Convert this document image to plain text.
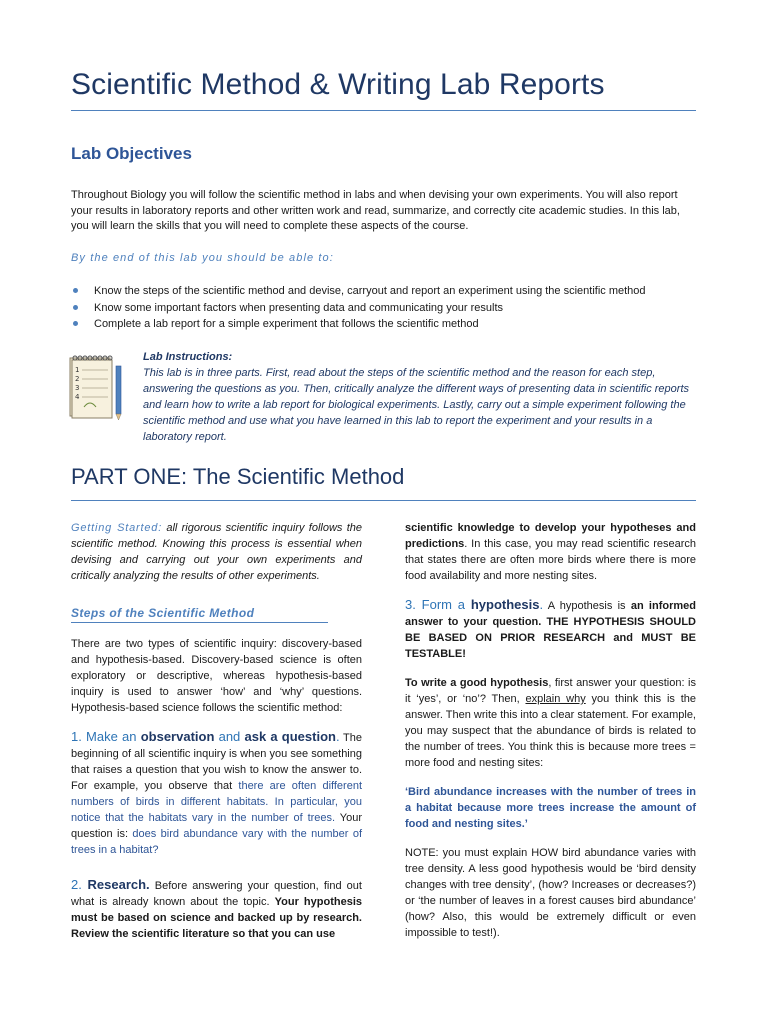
Scientific Method & Writing Lab Reports
Lab Objectives
Throughout Biology you will follow the scientific method in labs and when devising your own experiments. You will also report your results in laboratory reports and other written work and read, summarize, and correctly cite academic studies. In this lab, you will learn the skills that you will need to complete these aspects of the course.
By the end of this lab you should be able to:
Know the steps of the scientific method and devise, carryout and report an experiment using the scientific method
Know some important factors when presenting data and communicating your results
Complete a lab report for a simple experiment that follows the scientific method
1
2
3
4
Lab Instructions:
This lab is in three parts. First, read about the steps of the scientific method and the reason for each step, answering the questions as you. Then, critically analyze the different ways of presenting data in scientific reports and learn how to write a lab report for biological experiments. Lastly, carry out a simple experiment following the scientific method and use what you have learned in this lab to report the experiment and your results in a laboratory report.
PART ONE: The Scientific Method

Getting Started: all rigorous scientific inquiry follows the scientific method. Knowing this process is essential when devising and carrying out your own experiments and critically analyzing the results of other experiments.

Steps of the Scientific Method

There are two types of scientific inquiry: discovery-based and hypothesis-based. Discovery-based science is often exploratory or descriptive, whereas hypothesis-based inquiry is used to answer ‘how’ and ‘why’ questions. Hypothesis-based science follows the scientific method:

1. Make an observation and ask a question. The beginning of all scientific inquiry is when you see something that raises a question that you wish to know the answer to. For example, you observe that there are often different numbers of birds in different habitats. In particular, you notice that the habitats vary in the number of trees. Your question is: does bird abundance vary with the number of trees in a habitat?

2. Research. Before answering your question, find out what is already known about the topic. Your hypothesis must be based on science and backed up by research. Review the scientific literature so that you can use

scientific knowledge to develop your hypotheses and predictions. In this case, you may read scientific research that states there are often more birds where there is more food availability and more nesting sites.

3. Form a hypothesis. A hypothesis is an informed answer to your question. THE HYPOTHESIS SHOULD BE BASED ON PRIOR RESEARCH and MUST BE TESTABLE!

To write a good hypothesis, first answer your question: is it ‘yes’, or ‘no’? Then, explain why you think this is the answer. Then write this into a clear statement. For example, you may suspect that the abundance of birds is related to the number of trees. You think this is because more trees = more food and nesting sites:

‘Bird abundance increases with the number of trees in a habitat because more trees increase the amount of food and nesting sites.’

NOTE: you must explain HOW bird abundance varies with tree density. A less good hypothesis would be ‘bird density changes with tree density’, (how? Increases or decreases?) or ‘the number of leaves in a forest causes bird abundance’ (how? Also, this would be extremely difficult or even impossible to test!).
